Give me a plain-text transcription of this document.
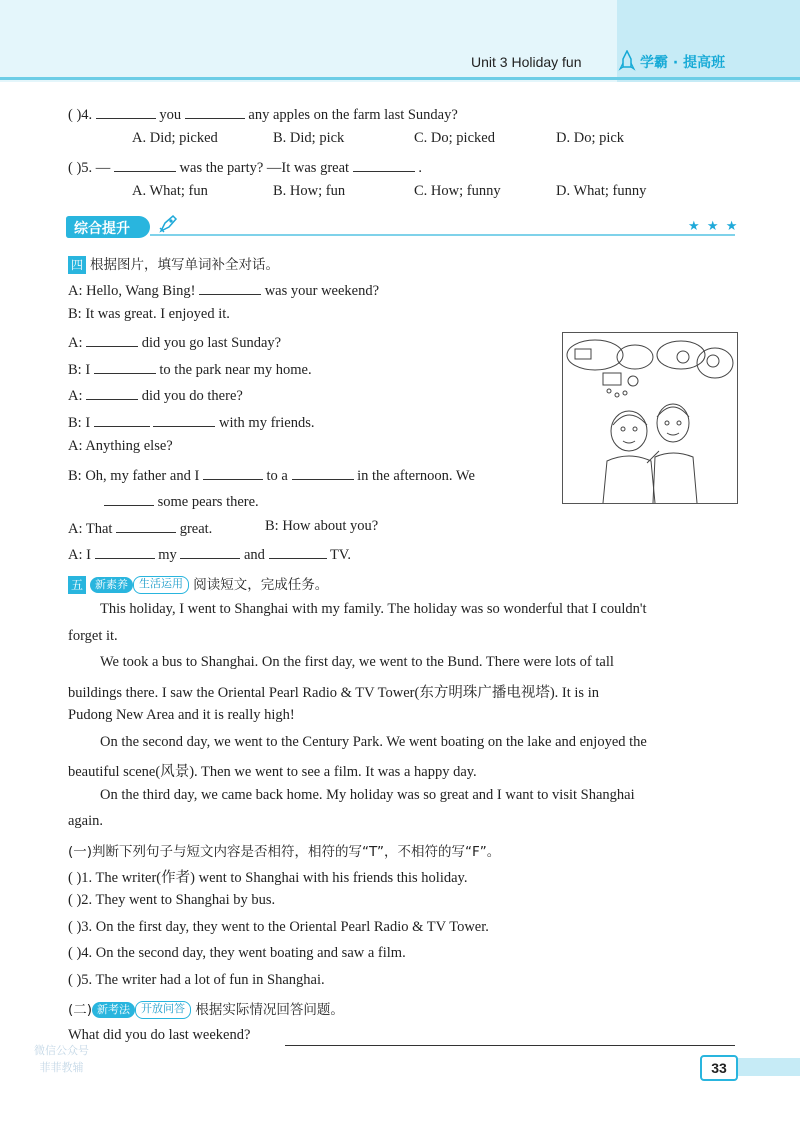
Unit 3 Holiday fun	学霸 · 提高班
( )4.	you	any apples on the farm last Sunday?
A. Did; picked	B. Did; pick	C. Do; picked	D. Do; pick
( )5. —	was the party? —It was great	.
A. What; fun	B. How; fun	C. How; funny	D. What; funny
综合提升	★ ★ ★
四 根据图片，填写单词补全对话。
A: Hello, Wang Bing!	was your weekend?
B: It was great. I enjoyed it.
A:	did you go last Sunday?
B: I	to the park near my home.
A:	did you do there?
B: I	with my friends.
A: Anything else?
B: Oh, my father and I	to a	in the afternoon. We
some pears there.
A: That	great.	B: How about you?
A: I	my	and	TV.
五 新素养 生活运用 阅读短文，完成任务。
This holiday, I went to Shanghai with my family. The holiday was so wonderful that I couldn't
forget it.
We took a bus to Shanghai. On the first day, we went to the Bund. There were lots of tall
buildings there. I saw the Oriental Pearl Radio & TV Tower(东方明珠广播电视塔). It is in
Pudong New Area and it is really high!
On the second day, we went to the Century Park. We went boating on the lake and enjoyed the
beautiful scene(风景). Then we went to see a film. It was a happy day.
On the third day, we came back home. My holiday was so great and I want to visit Shanghai
again.
(一)判断下列句子与短文内容是否相符，相符的写“T”，不相符的写“F”。
( )1. The writer(作者) went to Shanghai with his friends this holiday.
( )2. They went to Shanghai by bus.
( )3. On the first day, they went to the Oriental Pearl Radio & TV Tower.
( )4. On the second day, they went boating and saw a film.
( )5. The writer had a lot of fun in Shanghai.
(二) 新考法 开放问答 根据实际情况回答问题。
What did you do last weekend?
微信公众号
菲菲教辅	33
